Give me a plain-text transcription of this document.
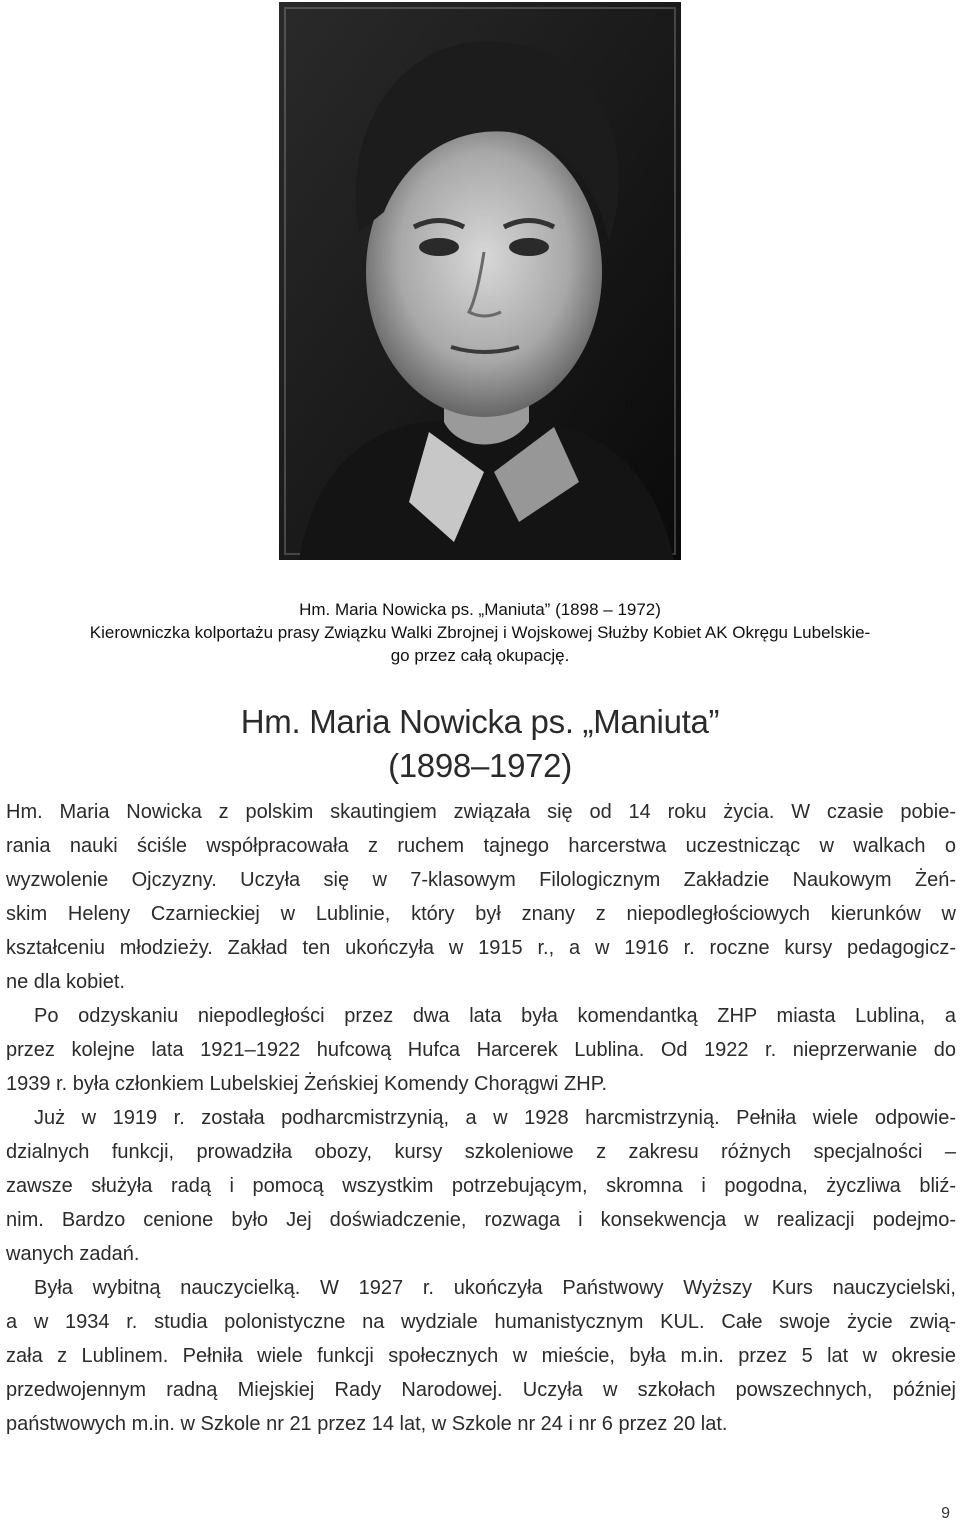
Hm. Maria Nowicka ps. „Maniuta” (1898 – 1972)
Kierowniczka kolportażu prasy Związku Walki Zbrojnej i Wojskowej Służby Kobiet AK Okręgu Lubelskie-
go przez całą okupację.
Hm. Maria Nowicka ps. „Maniuta”
(1898–1972)
Hm. Maria Nowicka z polskim skautingiem związała się od 14 roku życia. W czasie pobie-
rania nauki ściśle współpracowała z ruchem tajnego harcerstwa uczestnicząc w walkach o
wyzwolenie Ojczyzny. Uczyła się w 7-klasowym Filologicznym Zakładzie Naukowym Żeń-
skim Heleny Czarnieckiej w Lublinie, który był znany z niepodległościowych kierunków w
kształceniu młodzieży. Zakład ten ukończyła w 1915 r., a w 1916 r. roczne kursy pedagogicz-
ne dla kobiet.
Po odzyskaniu niepodległości przez dwa lata była komendantką ZHP miasta Lublina, a
przez kolejne lata 1921–1922 hufcową Hufca Harcerek Lublina. Od 1922 r. nieprzerwanie do
1939 r. była członkiem Lubelskiej Żeńskiej Komendy Chorągwi ZHP.
Już w 1919 r. została podharcmistrzynią, a w 1928 harcmistrzynią. Pełniła wiele odpowie-
dzialnych funkcji, prowadziła obozy, kursy szkoleniowe z zakresu różnych specjalności –
zawsze służyła radą i pomocą wszystkim potrzebującym, skromna i pogodna, życzliwa bliź-
nim. Bardzo cenione było Jej doświadczenie, rozwaga i konsekwencja w realizacji podejmo-
wanych zadań.
Była wybitną nauczycielką. W 1927 r. ukończyła Państwowy Wyższy Kurs nauczycielski,
a w 1934 r. studia polonistyczne na wydziale humanistycznym KUL. Całe swoje życie zwią-
zała z Lublinem. Pełniła wiele funkcji społecznych w mieście, była m.in. przez 5 lat w okresie
przedwojennym radną Miejskiej Rady Narodowej. Uczyła w szkołach powszechnych, później
państwowych m.in. w Szkole nr 21 przez 14 lat, w Szkole nr 24 i nr 6 przez 20 lat.
9
